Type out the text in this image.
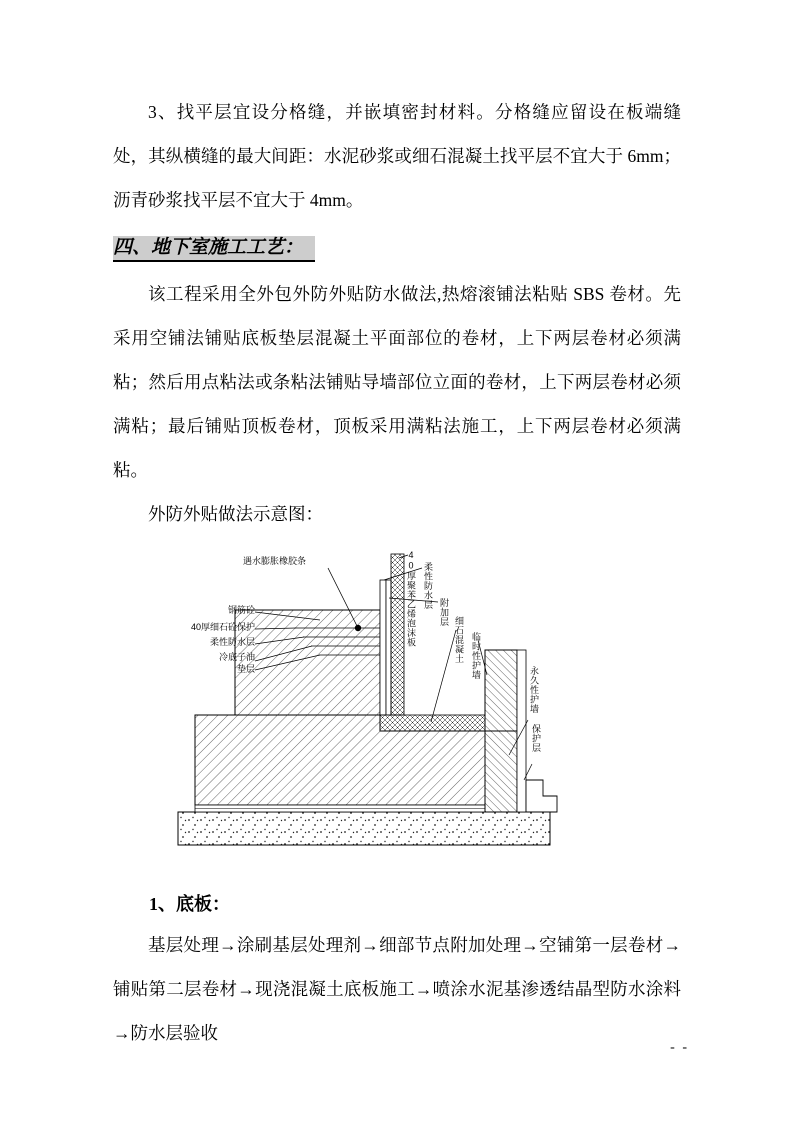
3、找平层宜设分格缝，并嵌填密封材料。分格缝应留设在板端缝处，其纵横缝的最大间距：水泥砂浆或细石混凝土找平层不宜大于 6mm；沥青砂浆找平层不宜大于 4mm。

四、地下室施工工艺：

该工程采用全外包外防外贴防水做法,热熔滚铺法粘贴 SBS 卷材。先采用空铺法铺贴底板垫层混凝土平面部位的卷材，上下两层卷材必须满粘；然后用点粘法或条粘法铺贴导墙部位立面的卷材，上下两层卷材必须满粘；最后铺贴顶板卷材，顶板采用满粘法施工，上下两层卷材必须满粘。

外防外贴做法示意图：

遇水膨胀橡胶条
钢筋砼
40厚细石砼保护
柔性防水层
冷底子油
垫层
40厚聚苯乙烯泡沫板 柔性防水层
附加层
细石混凝土 临时性护墙
永久性护墙
保护层
1、底板：

基层处理→涂刷基层处理剂→细部节点附加处理→空铺第一层卷材→铺贴第二层卷材→现浇混凝土底板施工→喷涂水泥基渗透结晶型防水涂料→防水层验收

- -
